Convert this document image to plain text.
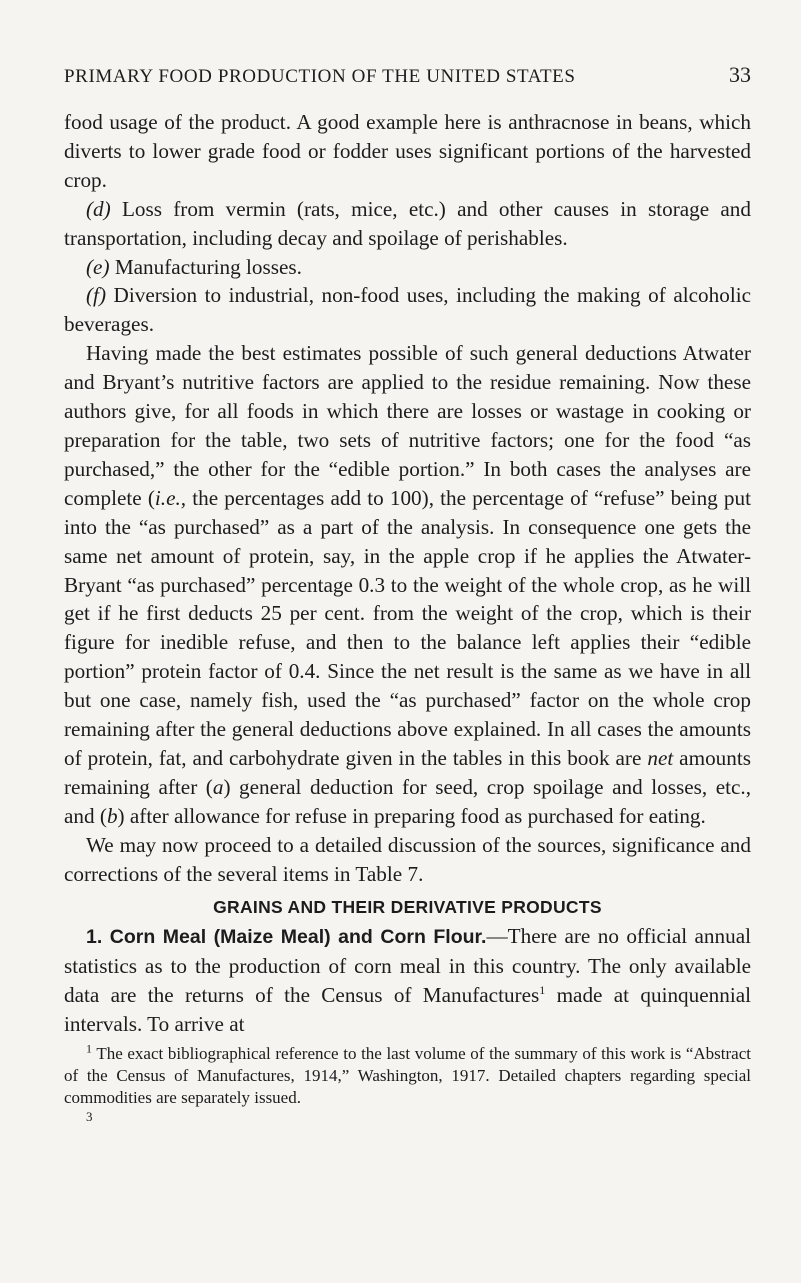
PRIMARY FOOD PRODUCTION OF THE UNITED STATES	33

food usage of the product. A good example here is anthracnose in beans, which diverts to lower grade food or fodder uses significant portions of the harvested crop.

(d) Loss from vermin (rats, mice, etc.) and other causes in storage and transportation, including decay and spoilage of perishables.

(e) Manufacturing losses.

(f) Diversion to industrial, non-food uses, including the making of alcoholic beverages.

Having made the best estimates possible of such general deductions Atwater and Bryant’s nutritive factors are applied to the residue remaining. Now these authors give, for all foods in which there are losses or wastage in cooking or preparation for the table, two sets of nutritive factors; one for the food “as purchased,” the other for the “edible portion.” In both cases the analyses are complete (i.e., the percentages add to 100), the percentage of “refuse” being put into the “as purchased” as a part of the analysis. In consequence one gets the same net amount of protein, say, in the apple crop if he applies the Atwater-Bryant “as purchased” percentage 0.3 to the weight of the whole crop, as he will get if he first deducts 25 per cent. from the weight of the crop, which is their figure for inedible refuse, and then to the balance left applies their “edible portion” protein factor of 0.4. Since the net result is the same as we have in all but one case, namely fish, used the “as purchased” factor on the whole crop remaining after the general deductions above explained. In all cases the amounts of protein, fat, and carbohydrate given in the tables in this book are net amounts remaining after (a) general deduction for seed, crop spoilage and losses, etc., and (b) after allowance for refuse in preparing food as purchased for eating.

We may now proceed to a detailed discussion of the sources, significance and corrections of the several items in Table 7.

GRAINS AND THEIR DERIVATIVE PRODUCTS

1. Corn Meal (Maize Meal) and Corn Flour.—There are no official annual statistics as to the production of corn meal in this country. The only available data are the returns of the Census of Manufactures$^1$ made at quinquennial intervals. To arrive at

$^1$ The exact bibliographical reference to the last volume of the summary of this work is “Abstract of the Census of Manufactures, 1914,” Washington, 1917. Detailed chapters regarding special commodities are separately issued.

3
